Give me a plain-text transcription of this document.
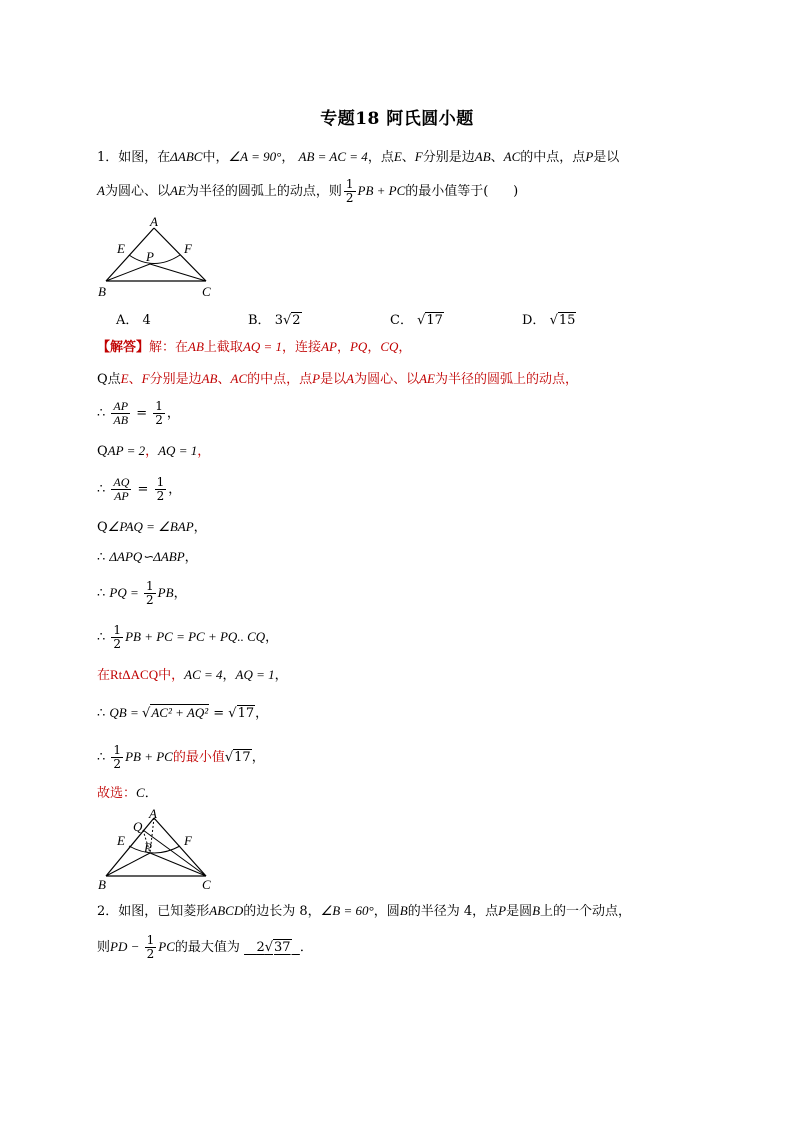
专题18 阿氏圆小题
1．如图，在ΔABC中，∠A = 90°， AB = AC = 4，点E、F分别是边AB、AC的中点，点P是以
A为圆心、以AE为半径的圆弧上的动点，则 $\frac{1}{2}$ PB + PC的最小值等于(      )
A
E	F
P
B	C
A． 4	B． 3√2	C． √17	D． √15
【解答】解：在AB上截取AQ = 1，连接AP，PQ，CQ，
Q点E、F分别是边AB、AC的中点，点P是以A为圆心、以AE为半径的圆弧上的动点，
∴ $\frac{AP}{AB} = \frac{1}{2}$ ，
QAP = 2，AQ = 1，
∴ $\frac{AQ}{AP} = \frac{1}{2}$ ，
Q∠PAQ = ∠BAP，
∴ ΔAPQ∽ΔABP，
∴ PQ = $\frac{1}{2}$ PB，
∴ $\frac{1}{2}$ PB + PC = PC + PQ.. CQ，
在RtΔACQ中，AC = 4，AQ = 1，
∴ QB = √AC² + AQ² = √17，
∴ $\frac{1}{2}$ PB + PC的最小值√17，
故选：C．
A
Q
E	F
P
B	C
2．如图，已知菱形ABCD的边长为 8，∠B = 60°，圆B的半径为 4，点P是圆B上的一个动点，
则PD − $\frac{1}{2}$ PC的最大值为 2√37 ．
